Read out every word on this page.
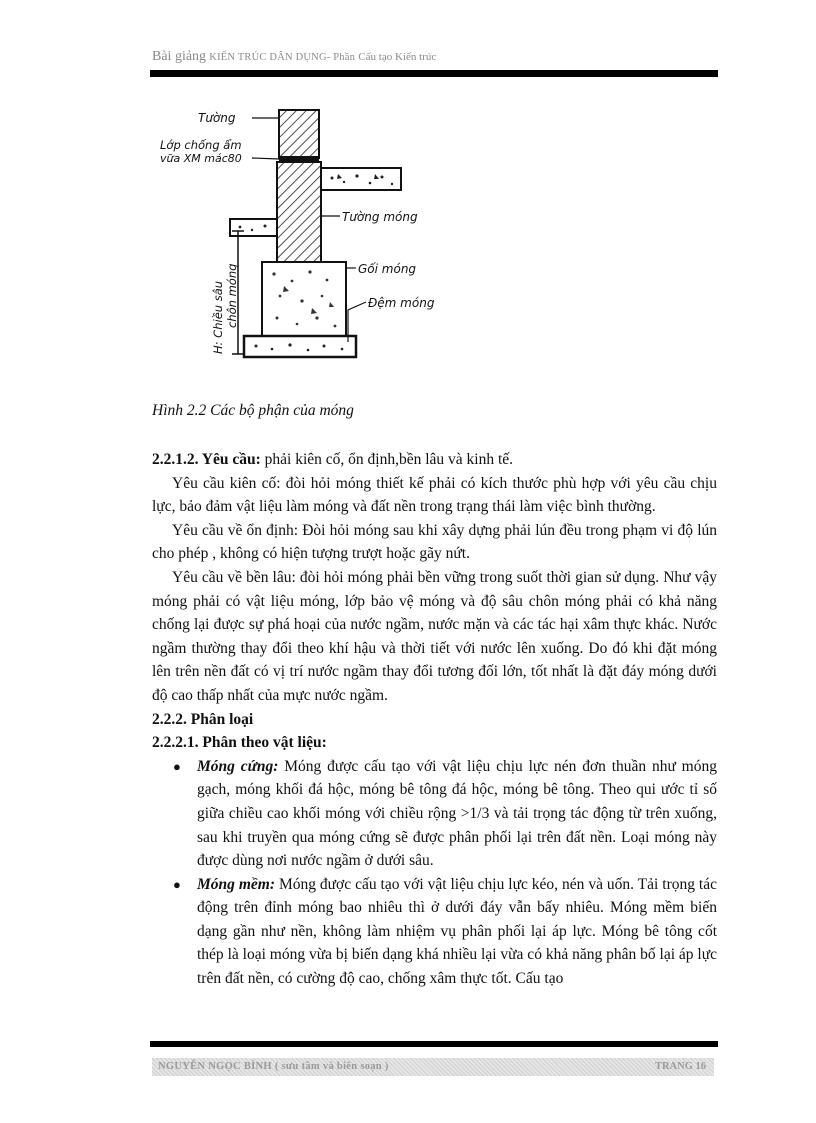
Bài giảng KIẾN TRÚC DÂN DỤNG- Phần Cấu tạo Kiến trúc
Tường
Lớp chống ẩm
vữa XM mác80
Tường móng
Gối móng
Đệm móng
H: Chiều sâu chôn móng
Hình 2.2 Các bộ phận của móng

2.2.1.2. Yêu cầu: phải kiên cố, ổn định,bền lâu và kinh tế.

Yêu cầu kiên cố: đòi hỏi móng thiết kế phải có kích thước phù hợp với yêu cầu chịu lực, bảo đảm vật liệu làm móng và đất nền trong trạng thái làm việc bình thường.

Yêu cầu về ổn định: Đòi hỏi móng sau khi xây dựng phải lún đều trong phạm vi độ lún cho phép , không có hiện tượng trượt hoặc gãy nứt.

Yêu cầu về bền lâu: đòi hỏi móng phải bền vững trong suốt thời gian sử dụng. Như vậy móng phải có vật liệu móng, lớp bảo vệ móng và độ sâu chôn móng phải có khả năng chống lại được sự phá hoại của nước ngầm, nước mặn và các tác hại xâm thực khác. Nước ngầm thường thay đổi theo khí hậu và thời tiết với nước lên xuống. Do đó khi đặt móng lên trên nền đất có vị trí nước ngầm thay đổi tương đối lớn, tốt nhất là đặt đáy móng dưới độ cao thấp nhất của mực nước ngầm.

2.2.2. Phân loại

2.2.2.1. Phân theo vật liệu:

● Móng cứng: Móng được cấu tạo với vật liệu chịu lực nén đơn thuần như móng gạch, móng khối đá hộc, móng bê tông đá hộc, móng bê tông. Theo qui ước tỉ số giữa chiều cao khối móng với chiều rộng >1/3 và tải trọng tác động từ trên xuống, sau khi truyền qua móng cứng sẽ được phân phối lại trên đất nền. Loại móng này được dùng nơi nước ngầm ở dưới sâu.
● Móng mềm: Móng được cấu tạo với vật liệu chịu lực kéo, nén và uốn. Tải trọng tác động trên đỉnh móng bao nhiêu thì ở dưới đáy vẫn bấy nhiêu. Móng mềm biến dạng gần như nền, không làm nhiệm vụ phân phối lại áp lực. Móng bê tông cốt thép là loại móng vừa bị biến dạng khá nhiều lại vừa có khả năng phân bố lại áp lực trên đất nền, có cường độ cao, chống xâm thực tốt. Cấu tạo
NGUYỄN NGỌC BÌNH ( sưu tầm và biên soạn )	TRANG 16
